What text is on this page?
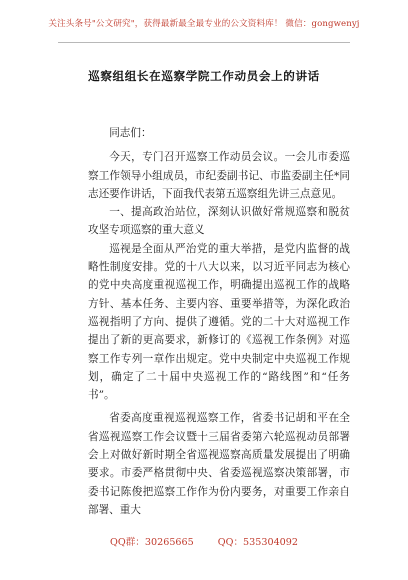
关注头条号"公文研究"，获得最新最全最专业的公文资料库！ 微信：gongwenyj
巡察组组长在巡察学院工作动员会上的讲话

同志们：

今天，专门召开巡察工作动员会议。一会儿市委巡察工作领导小组成员，市纪委副书记、市监委副主任*同志还要作讲话，下面我代表第五巡察组先讲三点意见。

一、提高政治站位，深刻认识做好常规巡察和脱贫攻坚专项巡察的重大意义

巡视是全面从严治党的重大举措，是党内监督的战略性制度安排。党的十八大以来，以习近平同志为核心的党中央高度重视巡视工作，明确提出巡视工作的战略方针、基本任务、主要内容、重要举措等，为深化政治巡视指明了方向、提供了遵循。党的二十大对巡视工作提出了新的更高要求，新修订的《巡视工作条例》对巡察工作专列一章作出规定。党中央制定中央巡视工作规划，确定了二十届中央巡视工作的“路线图”和“任务书”。

省委高度重视巡视巡察工作，省委书记胡和平在全省巡视巡察工作会议暨十三届省委第六轮巡视动员部署会上对做好新时期全省巡视巡察高质量发展提出了明确要求。市委严格贯彻中央、省委巡视巡察决策部署，市委书记陈俊把巡察工作作为份内要务，对重要工作亲自部署、重大

QQ群：30265665	QQ：535304092
